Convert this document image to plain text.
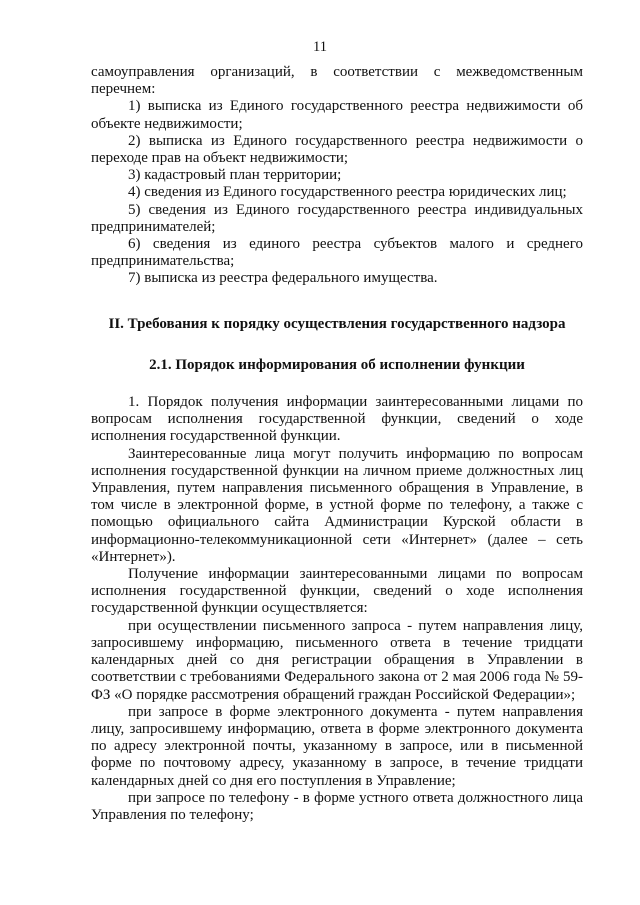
11

самоуправления организаций, в соответствии с межведомственным перечнем:

1) выписка из Единого государственного реестра недвижимости об объекте недвижимости;

2) выписка из Единого государственного реестра недвижимости о переходе прав на объект недвижимости;

3) кадастровый план территории;

4) сведения из Единого государственного реестра юридических лиц;

5) сведения из Единого государственного реестра индивидуальных предпринимателей;

6) сведения из единого реестра субъектов малого и среднего предпринимательства;

7) выписка из реестра федерального имущества.

II. Требования к порядку осуществления государственного надзора

2.1. Порядок информирования об исполнении функции

1. Порядок получения информации заинтересованными лицами по вопросам исполнения государственной функции, сведений о ходе исполнения государственной функции.

Заинтересованные лица могут получить информацию по вопросам исполнения государственной функции на личном приеме должностных лиц Управления, путем направления письменного обращения в Управление, в том числе в электронной форме, в устной форме по телефону, а также с помощью официального сайта Администрации Курской области в информационно-телекоммуникационной сети «Интернет» (далее – сеть «Интернет»).

Получение информации заинтересованными лицами по вопросам исполнения государственной функции, сведений о ходе исполнения государственной функции осуществляется:

при осуществлении письменного запроса - путем направления лицу, запросившему информацию, письменного ответа в течение тридцати календарных дней со дня регистрации обращения в Управлении в соответствии с требованиями Федерального закона от 2 мая 2006 года № 59-ФЗ «О порядке рассмотрения обращений граждан Российской Федерации»;

при запросе в форме электронного документа - путем направления лицу, запросившему информацию, ответа в форме электронного документа по адресу электронной почты, указанному в запросе, или в письменной форме по почтовому адресу, указанному в запросе, в течение тридцати календарных дней со дня его поступления в Управление;

при запросе по телефону - в форме устного ответа должностного лица Управления по телефону;
